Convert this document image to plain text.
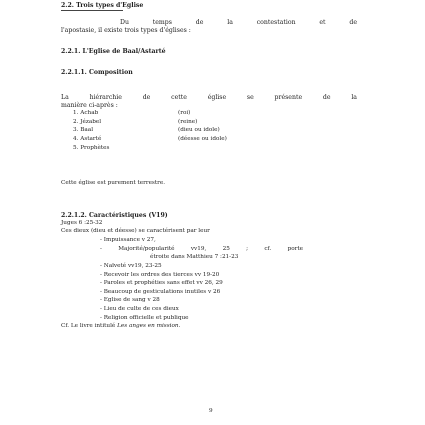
2.2. Trois types d'Eglise
Du temps de la contestation et de
l'apostasie, il existe trois types d'églises :
2.2.1. L'Eglise de Baal/Astarté
2.2.1.1. Composition
La hiérarchie de cette église se présente de la
manière ci-après :
1. Achab	(roi)
2. Jézabel	(reine)
3. Baal	(dieu ou idole)
4. Astarté	(déesse ou idole)
5. Prophètes
Cette église est purement terrestre.
2.2.1.2. Caractéristiques (V19)
Juges 6 :25-32
Ces dieux (dieu et déesse) se caractérisent par leur
- Impuissance v 27,
- Majorité/popularité vv19, 25 ; cf. porte
étroite dans Matthieu 7 :21-23
- Naïveté vv19, 23-25
- Recevoir les ordres des tierces vv 19-20
- Paroles et prophéties sans effet vv 26, 29
- Beaucoup de gesticulations inutiles v 26
- Eglise de sang v 28
- Lieu de culte de ces dieux
- Religion officielle et publique
Cf. Le livre intitulé Les anges en mission.
9
